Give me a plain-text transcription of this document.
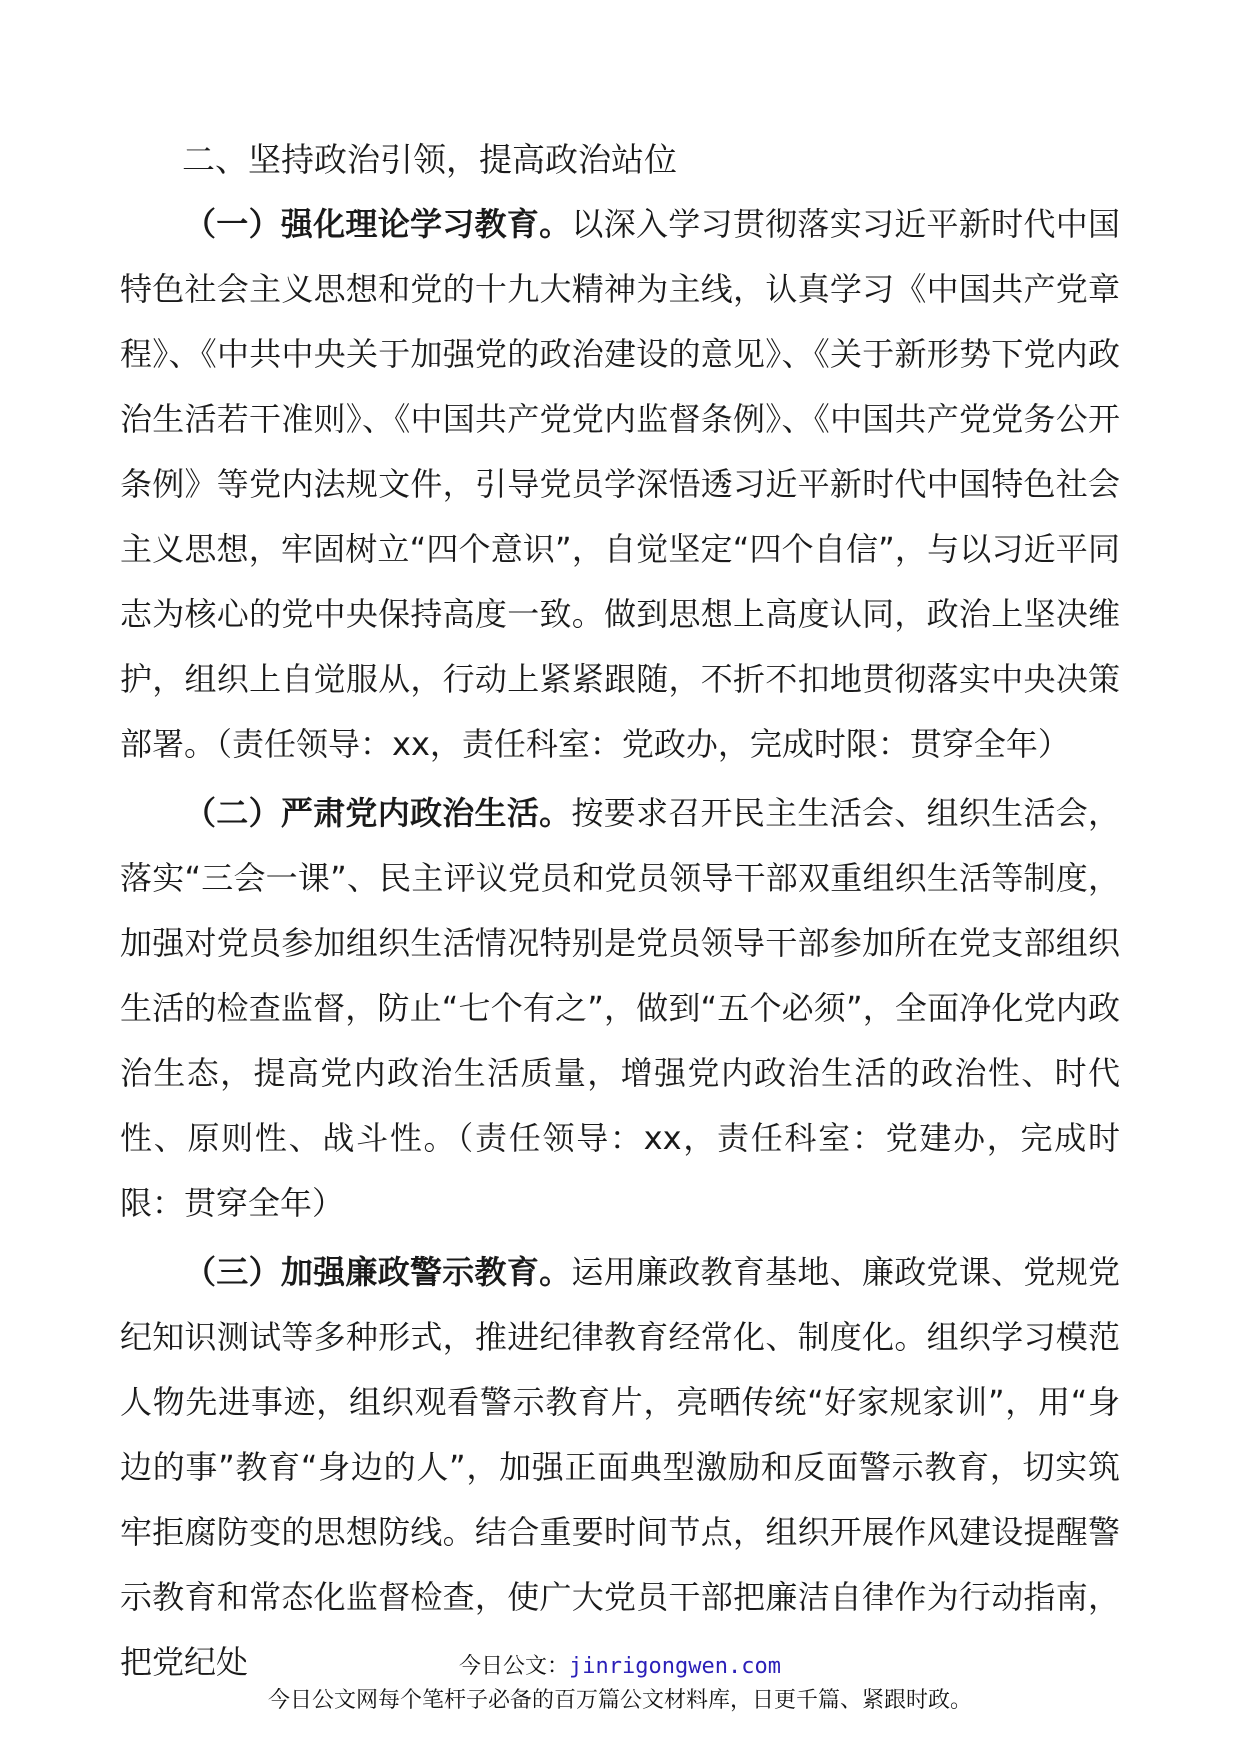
二、坚持政治引领，提高政治站位

（一）强化理论学习教育。以深入学习贯彻落实习近平新时代中国特色社会主义思想和党的十九大精神为主线，认真学习《中国共产党章程》、《中共中央关于加强党的政治建设的意见》、《关于新形势下党内政治生活若干准则》、《中国共产党党内监督条例》、《中国共产党党务公开条例》等党内法规文件，引导党员学深悟透习近平新时代中国特色社会主义思想，牢固树立“四个意识”，自觉坚定“四个自信”，与以习近平同志为核心的党中央保持高度一致。做到思想上高度认同，政治上坚决维护，组织上自觉服从，行动上紧紧跟随，不折不扣地贯彻落实中央决策部署。（责任领导：xx，责任科室：党政办，完成时限：贯穿全年）

（二）严肃党内政治生活。按要求召开民主生活会、组织生活会，落实“三会一课”、民主评议党员和党员领导干部双重组织生活等制度，加强对党员参加组织生活情况特别是党员领导干部参加所在党支部组织生活的检查监督，防止“七个有之”，做到“五个必须”，全面净化党内政治生态，提高党内政治生活质量，增强党内政治生活的政治性、时代性、原则性、战斗性。（责任领导：xx，责任科室：党建办，完成时限：贯穿全年）

（三）加强廉政警示教育。运用廉政教育基地、廉政党课、党规党纪知识测试等多种形式，推进纪律教育经常化、制度化。组织学习模范人物先进事迹，组织观看警示教育片，亮晒传统“好家规家训”，用“身边的事”教育“身边的人”，加强正面典型激励和反面警示教育，切实筑牢拒腐防变的思想防线。结合重要时间节点，组织开展作风建设提醒警示教育和常态化监督检查，使广大党员干部把廉洁自律作为行动指南，把党纪处	今日公文：jinrigongwen.com
今日公文网每个笔杆子必备的百万篇公文材料库，日更千篇、紧跟时政。
